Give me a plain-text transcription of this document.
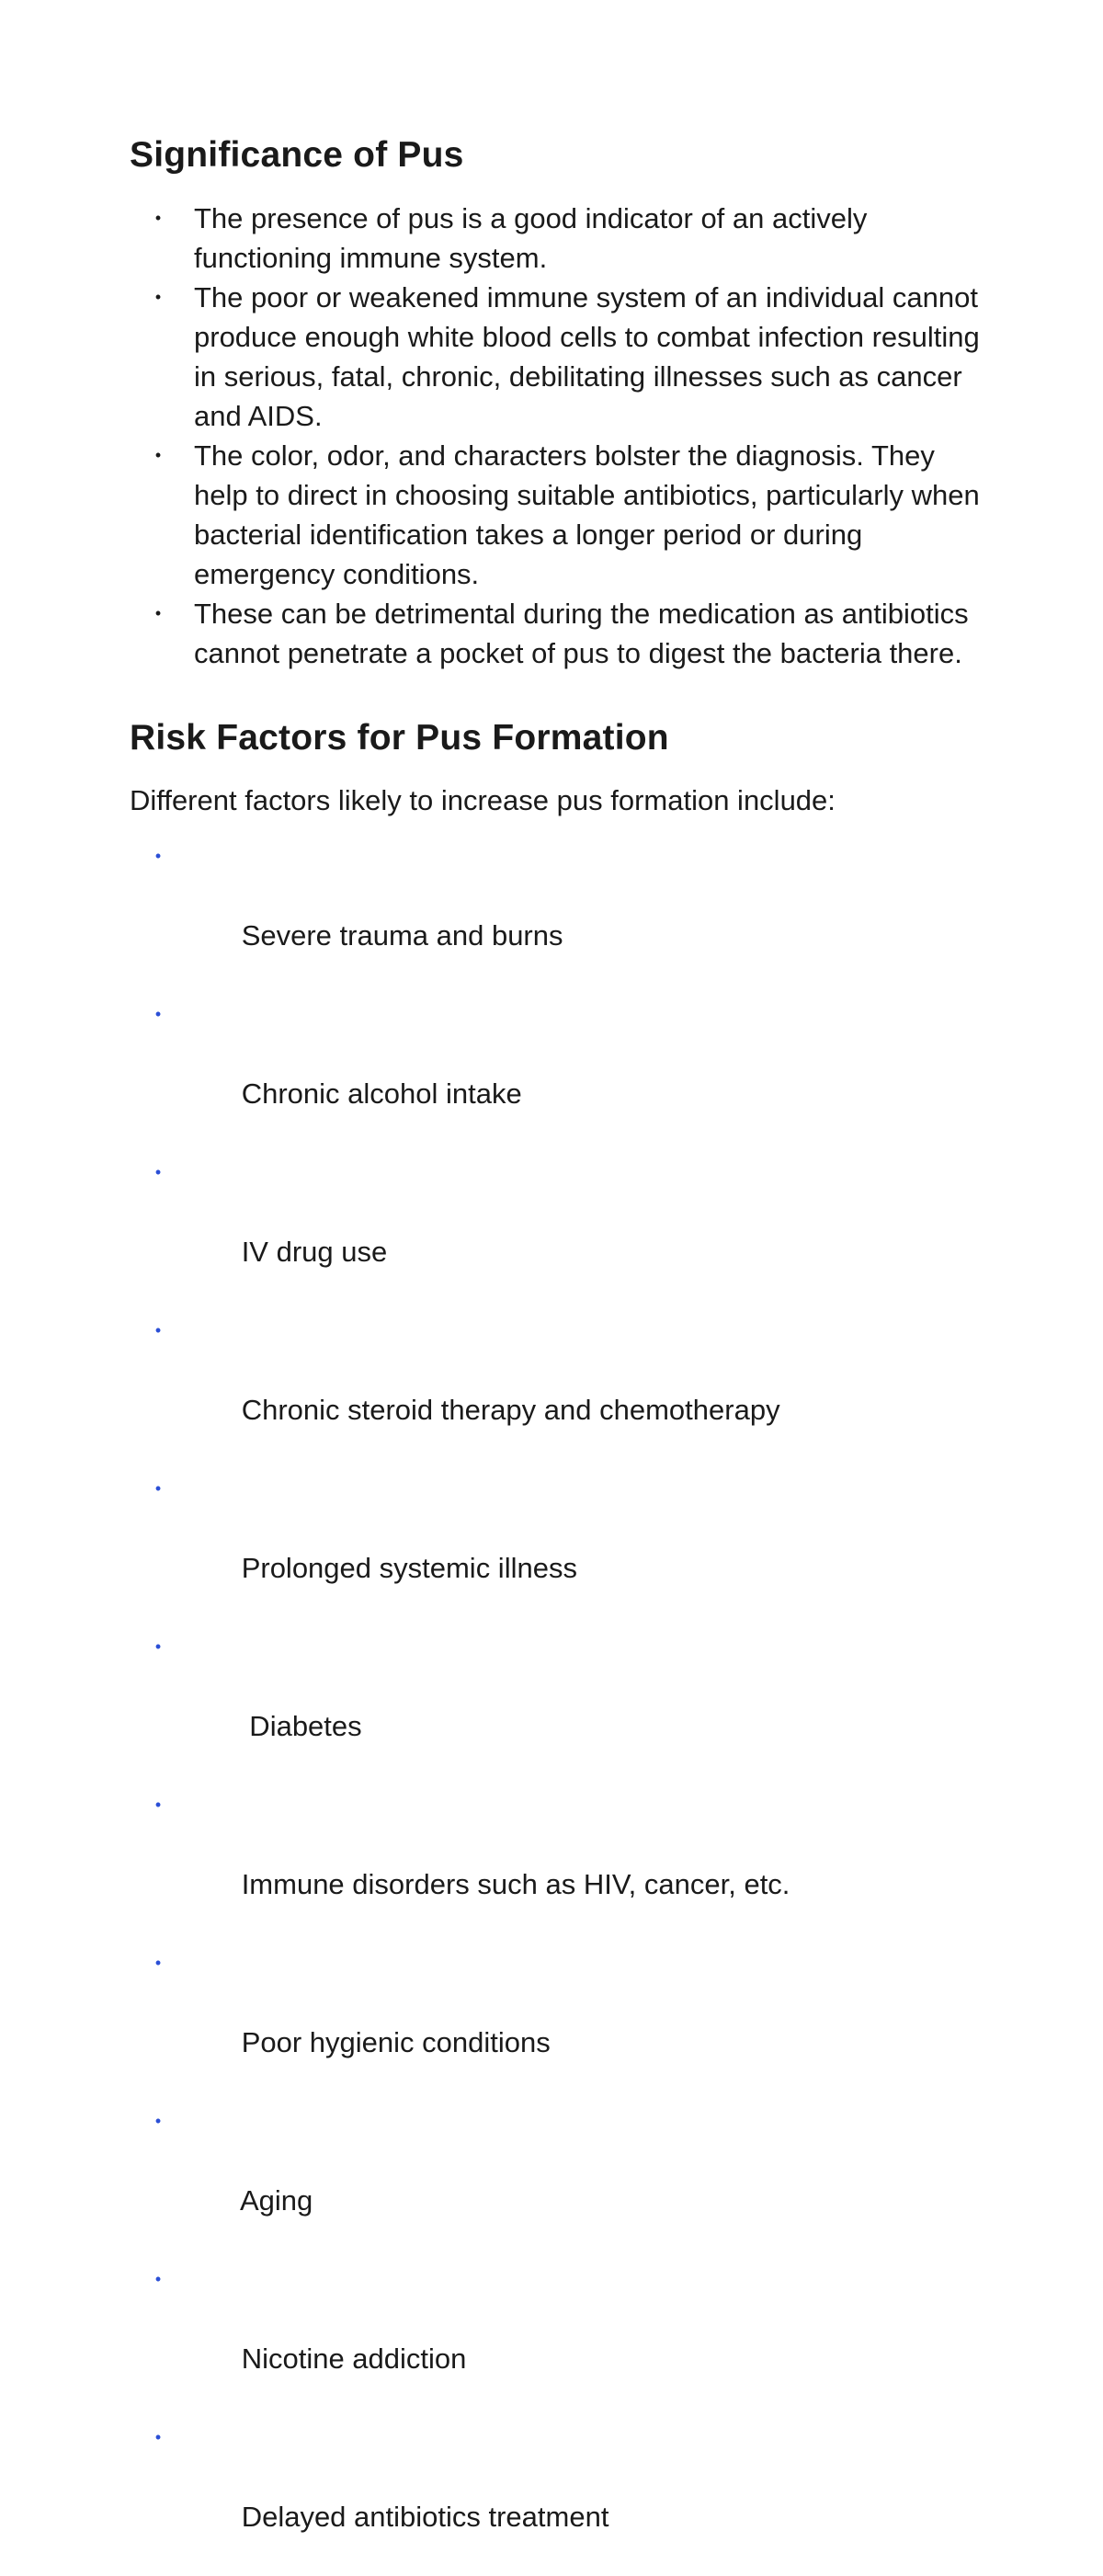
Significance of Pus
• The presence of pus is a good indicator of an actively functioning immune system.
• The poor or weakened immune system of an individual cannot produce enough white blood cells to combat infection resulting in serious, fatal, chronic, debilitating illnesses such as cancer and AIDS.
• The color, odor, and characters bolster the diagnosis. They help to direct in choosing suitable antibiotics, particularly when bacterial identification takes a longer period or during emergency conditions.
• These can be detrimental during the medication as antibiotics cannot penetrate a pocket of pus to digest the bacteria there.
Risk Factors for Pus Formation

Different factors likely to increase pus formation include:

•

Severe trauma and burns

•

Chronic alcohol intake

•

IV drug use

•

Chronic steroid therapy and chemotherapy

•

Prolonged systemic illness

•

Diabetes

•

Immune disorders such as HIV, cancer, etc.

•

Poor hygienic conditions

•

Aging

•

Nicotine addiction

•

Delayed antibiotics treatment
